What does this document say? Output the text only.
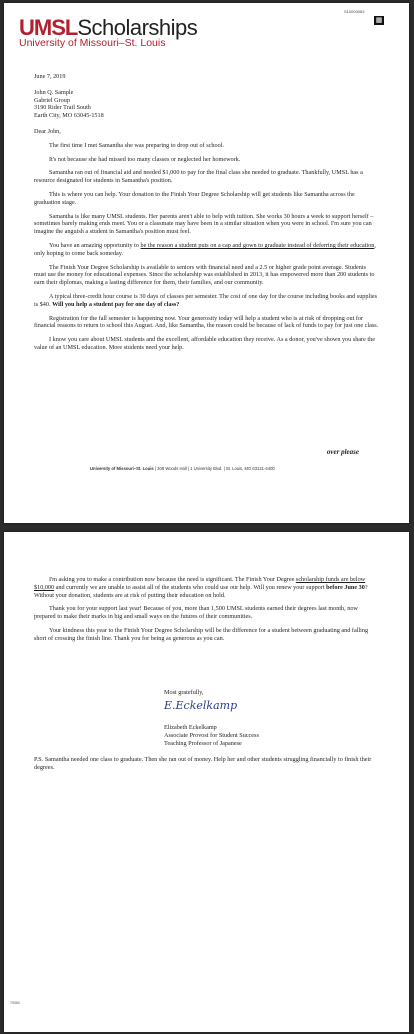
UMSLScholarships
University of Missouri–St. Louis
S10000063
▦

June 7, 2019

John Q. Sample
Gabriel Group
3190 Rider Trail South
Earth City, MO 63045-1518

Dear John,

The first time I met Samantha she was preparing to drop out of school.

It's not because she had missed too many classes or neglected her homework.

Samantha ran out of financial aid and needed $1,000 to pay for the final class she needed to graduate. Thankfully, UMSL has a resource designated for students in Samantha's position.

This is where you can help. Your donation to the Finish Your Degree Scholarship will get students like Samantha across the graduation stage.

Samantha is like many UMSL students. Her parents aren't able to help with tuition. She works 30 hours a week to support herself – sometimes barely making ends meet. You or a classmate may have been in a similar situation when you were in school. I'm sure you can imagine the anguish a student in Samantha's position must feel.

You have an amazing opportunity to be the reason a student puts on a cap and gown to graduate instead of deferring their education, only hoping to come back someday.

The Finish Your Degree Scholarship is available to seniors with financial need and a 2.5 or higher grade point average. Students must use the money for educational expenses. Since the scholarship was established in 2013, it has empowered more than 200 students to earn their diplomas, making a lasting difference for them, their families, and our community.

A typical three-credit hour course is 30 days of classes per semester. The cost of one day for the course including books and supplies is $40. Will you help a student pay for one day of class?

Registration for the fall semester is happening now. Your generosity today will help a student who is at risk of dropping out for financial reasons to return to school this August. And, like Samantha, the reason could be because of lack of funds to pay for just one class.

I know you care about UMSL students and the excellent, affordable education they receive. As a donor, you've shown you share the value of an UMSL education. More students need your help.

over please
University of Missouri–St. Louis | 308 Woods Hall | 1 University Blvd. | St. Louis, MO 63121-4400

I'm asking you to make a contribution now because the need is significant. The Finish Your Degree scholarship funds are below $10,000 and currently we are unable to assist all of the students who could use our help. Will you renew your support before June 30? Without your donation, students are at risk of putting their education on hold.

Thank you for your support last year! Because of you, more than 1,500 UMSL students earned their degrees last month, now prepared to make their marks in big and small ways on the futures of their communities.

Your kindness this year to the Finish Your Degree Scholarship will be the difference for a student between graduating and falling short of crossing the finish line. Thank you for being as generous as you can.

Most gratefully,
E.Eckelkamp
Elizabeth Eckelkamp
Associate Provost for Student Success
Teaching Professor of Japanese

P.S. Samantha needed one class to graduate. Then she ran out of money. Help her and other students struggling financially to finish their degrees.

75360
